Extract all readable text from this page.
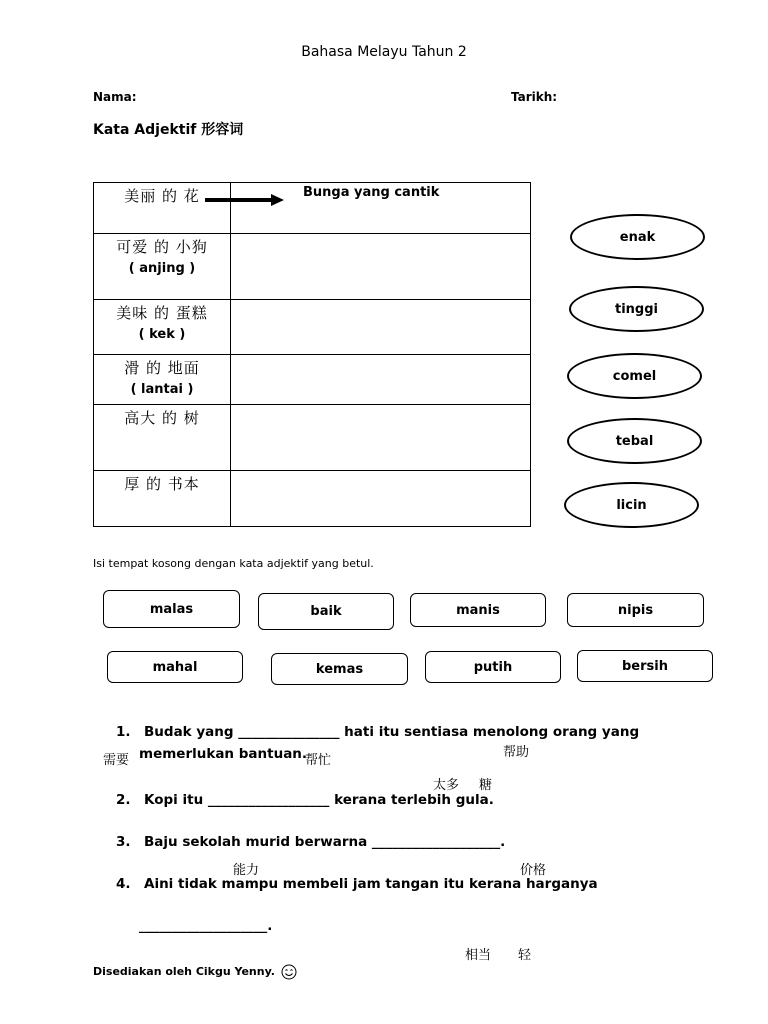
Bahasa Melayu Tahun 2
Nama:	Tarikh:
Kata Adjektif 形容词
美丽 的 花	Bunga yang cantik

可爱 的 小狗
( anjing )	

美味 的 蛋糕
( kek )	

滑 的 地面
( lantai )	

高大 的 树	

厚 的 书本	

enak
tinggi
comel
tebal
licin
Isi tempat kosong dengan kata adjektif yang betul.
malas	baik	manis	nipis
mahal	kemas	putih	bersih
1. Budak yang _______________ hati itu sentiasa menolong orang yang
帮助
需要 memerlukan bantuan.
帮忙
太多 糖
2. Kopi itu __________________ kerana terlebih gula.
3. Baju sekolah murid berwarna ___________________.
能力	价格
4. Aini tidak mampu membeli jam tangan itu kerana harganya
___________________.
相当 轻
Disediakan oleh Cikgu Yenny.
